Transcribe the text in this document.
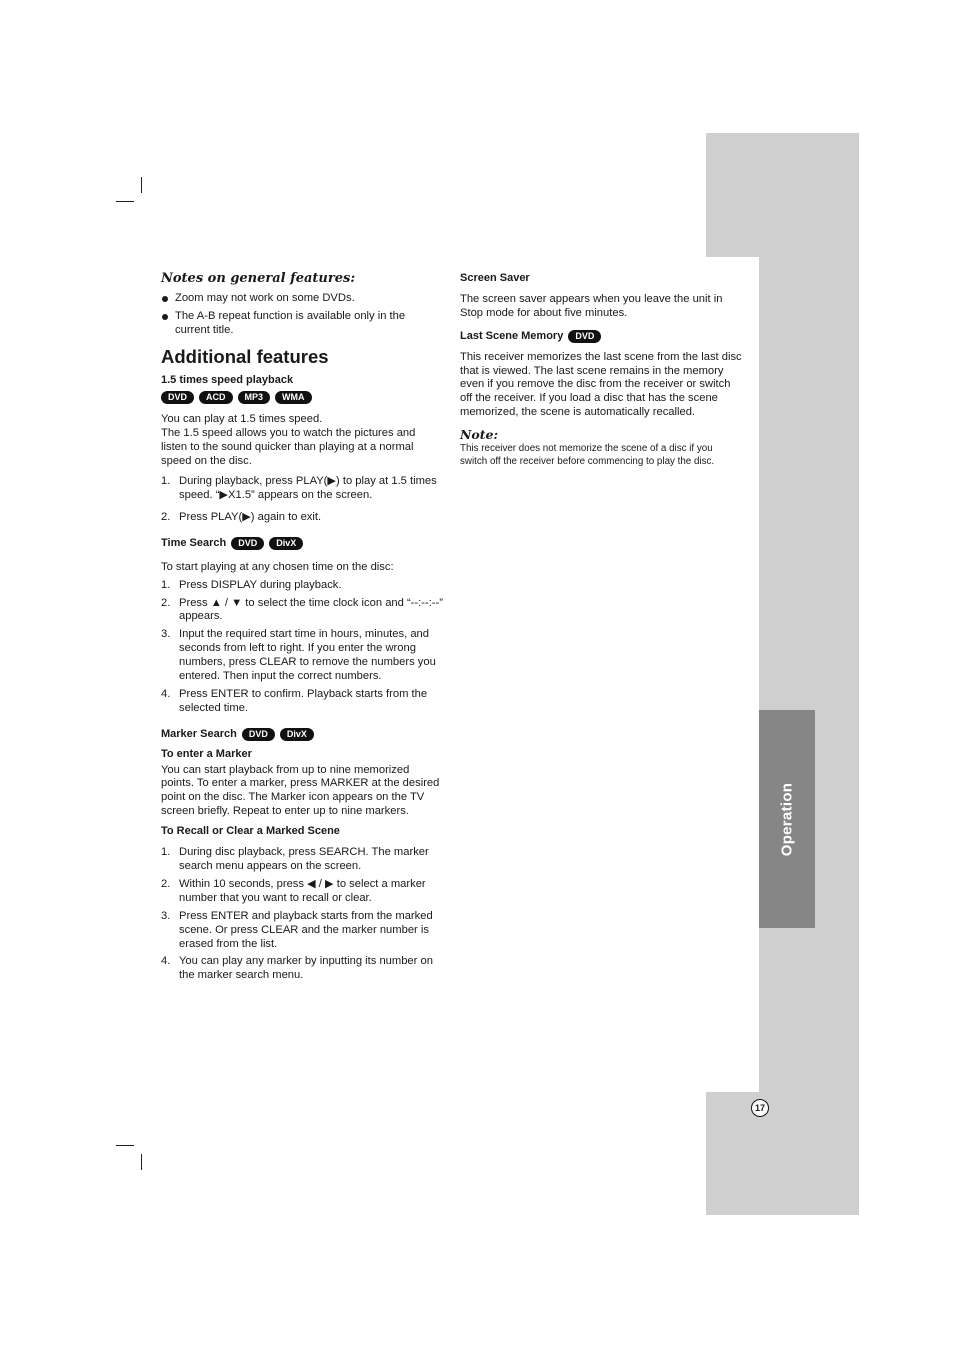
Operation
17
Notes on general features:
Zoom may not work on some DVDs.
The A-B repeat function is available only in the current title.
Additional features
1.5 times speed playback
DVD	ACD	MP3	WMA
You can play at 1.5 times speed.

The 1.5 speed allows you to watch the pictures and listen to the sound quicker than playing at a normal speed on the disc.

1. During playback, press PLAY(▶) to play at 1.5 times speed. “▶X1.5” appears on the screen.
2. Press PLAY(▶) again to exit.
Time Search	DVD	DivX
To start playing at any chosen time on the disc:
1. Press DISPLAY during playback.
2. Press ▲ / ▼ to select the time clock icon and “--:--:--” appears.
3. Input the required start time in hours, minutes, and seconds from left to right. If you enter the wrong numbers, press CLEAR to remove the numbers you entered. Then input the correct numbers.
4. Press ENTER to confirm. Playback starts from the selected time.
Marker Search	DVD	DivX
To enter a Marker

You can start playback from up to nine memorized points. To enter a marker, press MARKER at the desired point on the disc. The Marker icon appears on the TV screen briefly. Repeat to enter up to nine markers.

To Recall or Clear a Marked Scene
1. During disc playback, press SEARCH. The marker search menu appears on the screen.
2. Within 10 seconds, press ◀ / ▶ to select a marker number that you want to recall or clear.
3. Press ENTER and playback starts from the marked scene. Or press CLEAR and the marker number is erased from the list.
4. You can play any marker by inputting its number on the marker search menu.
Screen Saver

The screen saver appears when you leave the unit in Stop mode for about five minutes.

Last Scene Memory	DVD

This receiver memorizes the last scene from the last disc that is viewed. The last scene remains in the memory even if you remove the disc from the receiver or switch off the receiver. If you load a disc that has the scene memorized, the scene is automatically recalled.

Note:
This receiver does not memorize the scene of a disc if you switch off the receiver before commencing to play the disc.
